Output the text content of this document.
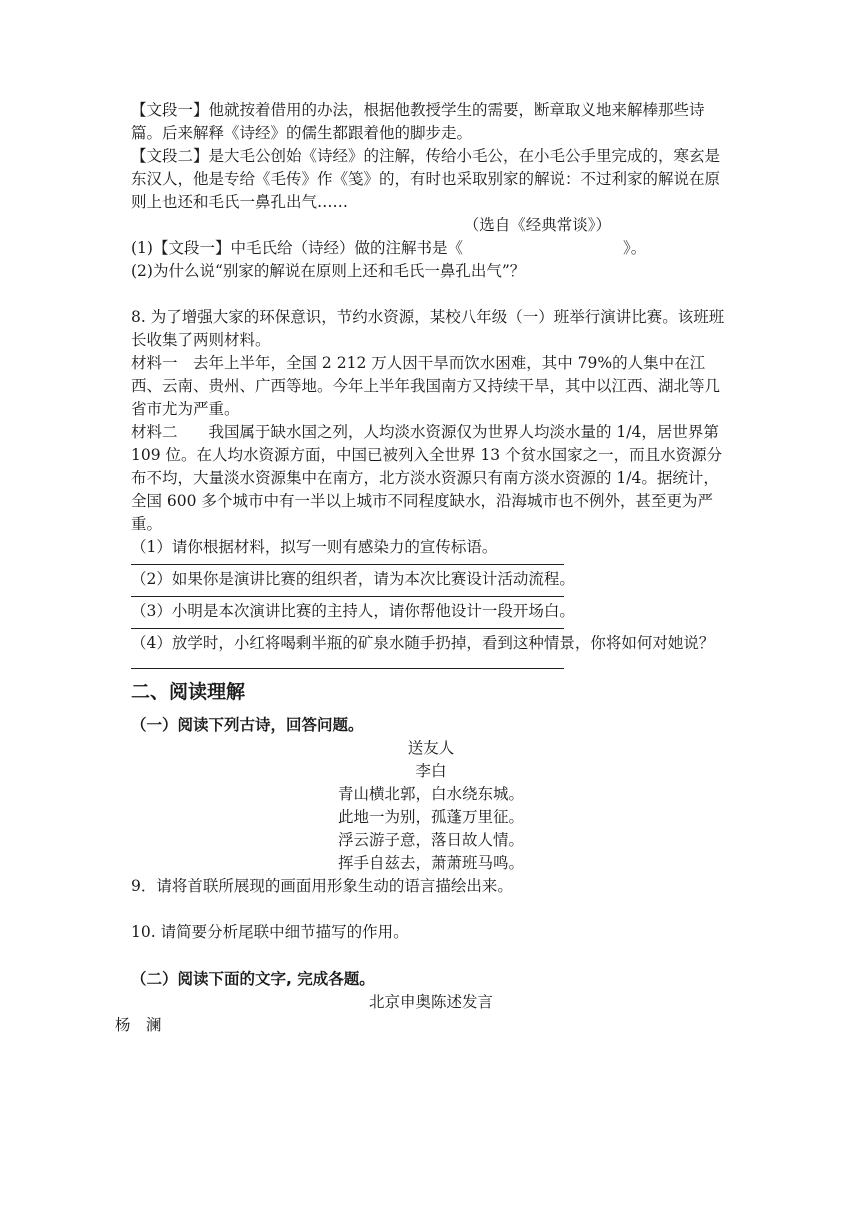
【文段一】他就按着借用的办法，根据他教授学生的需要，断章取义地来解棒那些诗篇。后来解释《诗经》的儒生都跟着他的脚步走。

【文段二】是大毛公创始《诗经》的注解，传给小毛公，在小毛公手里完成的，寒玄是东汉人，他是专给《毛传》作《笺》的，有时也采取别家的解说：不过利家的解说在原则上也还和毛氏一鼻孔出气……

（选自《经典常谈》）

(1)【文段一】中毛氏给（诗经）做的注解书是《	》。

(2)为什么说“别家的解说在原则上还和毛氏一鼻孔出气”？

8. 为了增强大家的环保意识，节约水资源，某校八年级（一）班举行演讲比赛。该班班长收集了两则材料。

材料一　去年上半年，全国 2 212 万人因干旱而饮水困难，其中 79%的人集中在江西、云南、贵州、广西等地。今年上半年我国南方又持续干旱，其中以江西、湖北等几省市尤为严重。

材料二　　我国属于缺水国之列，人均淡水资源仅为世界人均淡水量的 1/4，居世界第 109 位。在人均水资源方面，中国已被列入全世界 13 个贫水国家之一，而且水资源分布不均，大量淡水资源集中在南方，北方淡水资源只有南方淡水资源的 1/4。据统计，全国 600 多个城市中有一半以上城市不同程度缺水，沿海城市也不例外，甚至更为严重。

（1）请你根据材料，拟写一则有感染力的宣传标语。

（2）如果你是演讲比赛的组织者，请为本次比赛设计活动流程。

（3）小明是本次演讲比赛的主持人，请你帮他设计一段开场白。

（4）放学时，小红将喝剩半瓶的矿泉水随手扔掉，看到这种情景，你将如何对她说？

二、阅读理解

（一）阅读下列古诗，回答问题。

送友人

李白

青山横北郭，白水绕东城。

此地一为别，孤蓬万里征。

浮云游子意，落日故人情。

挥手自兹去，萧萧班马鸣。

9．请将首联所展现的画面用形象生动的语言描绘出来。

10. 请简要分析尾联中细节描写的作用。

（二）阅读下面的文字, 完成各题。

北京申奥陈述发言

杨　澜
